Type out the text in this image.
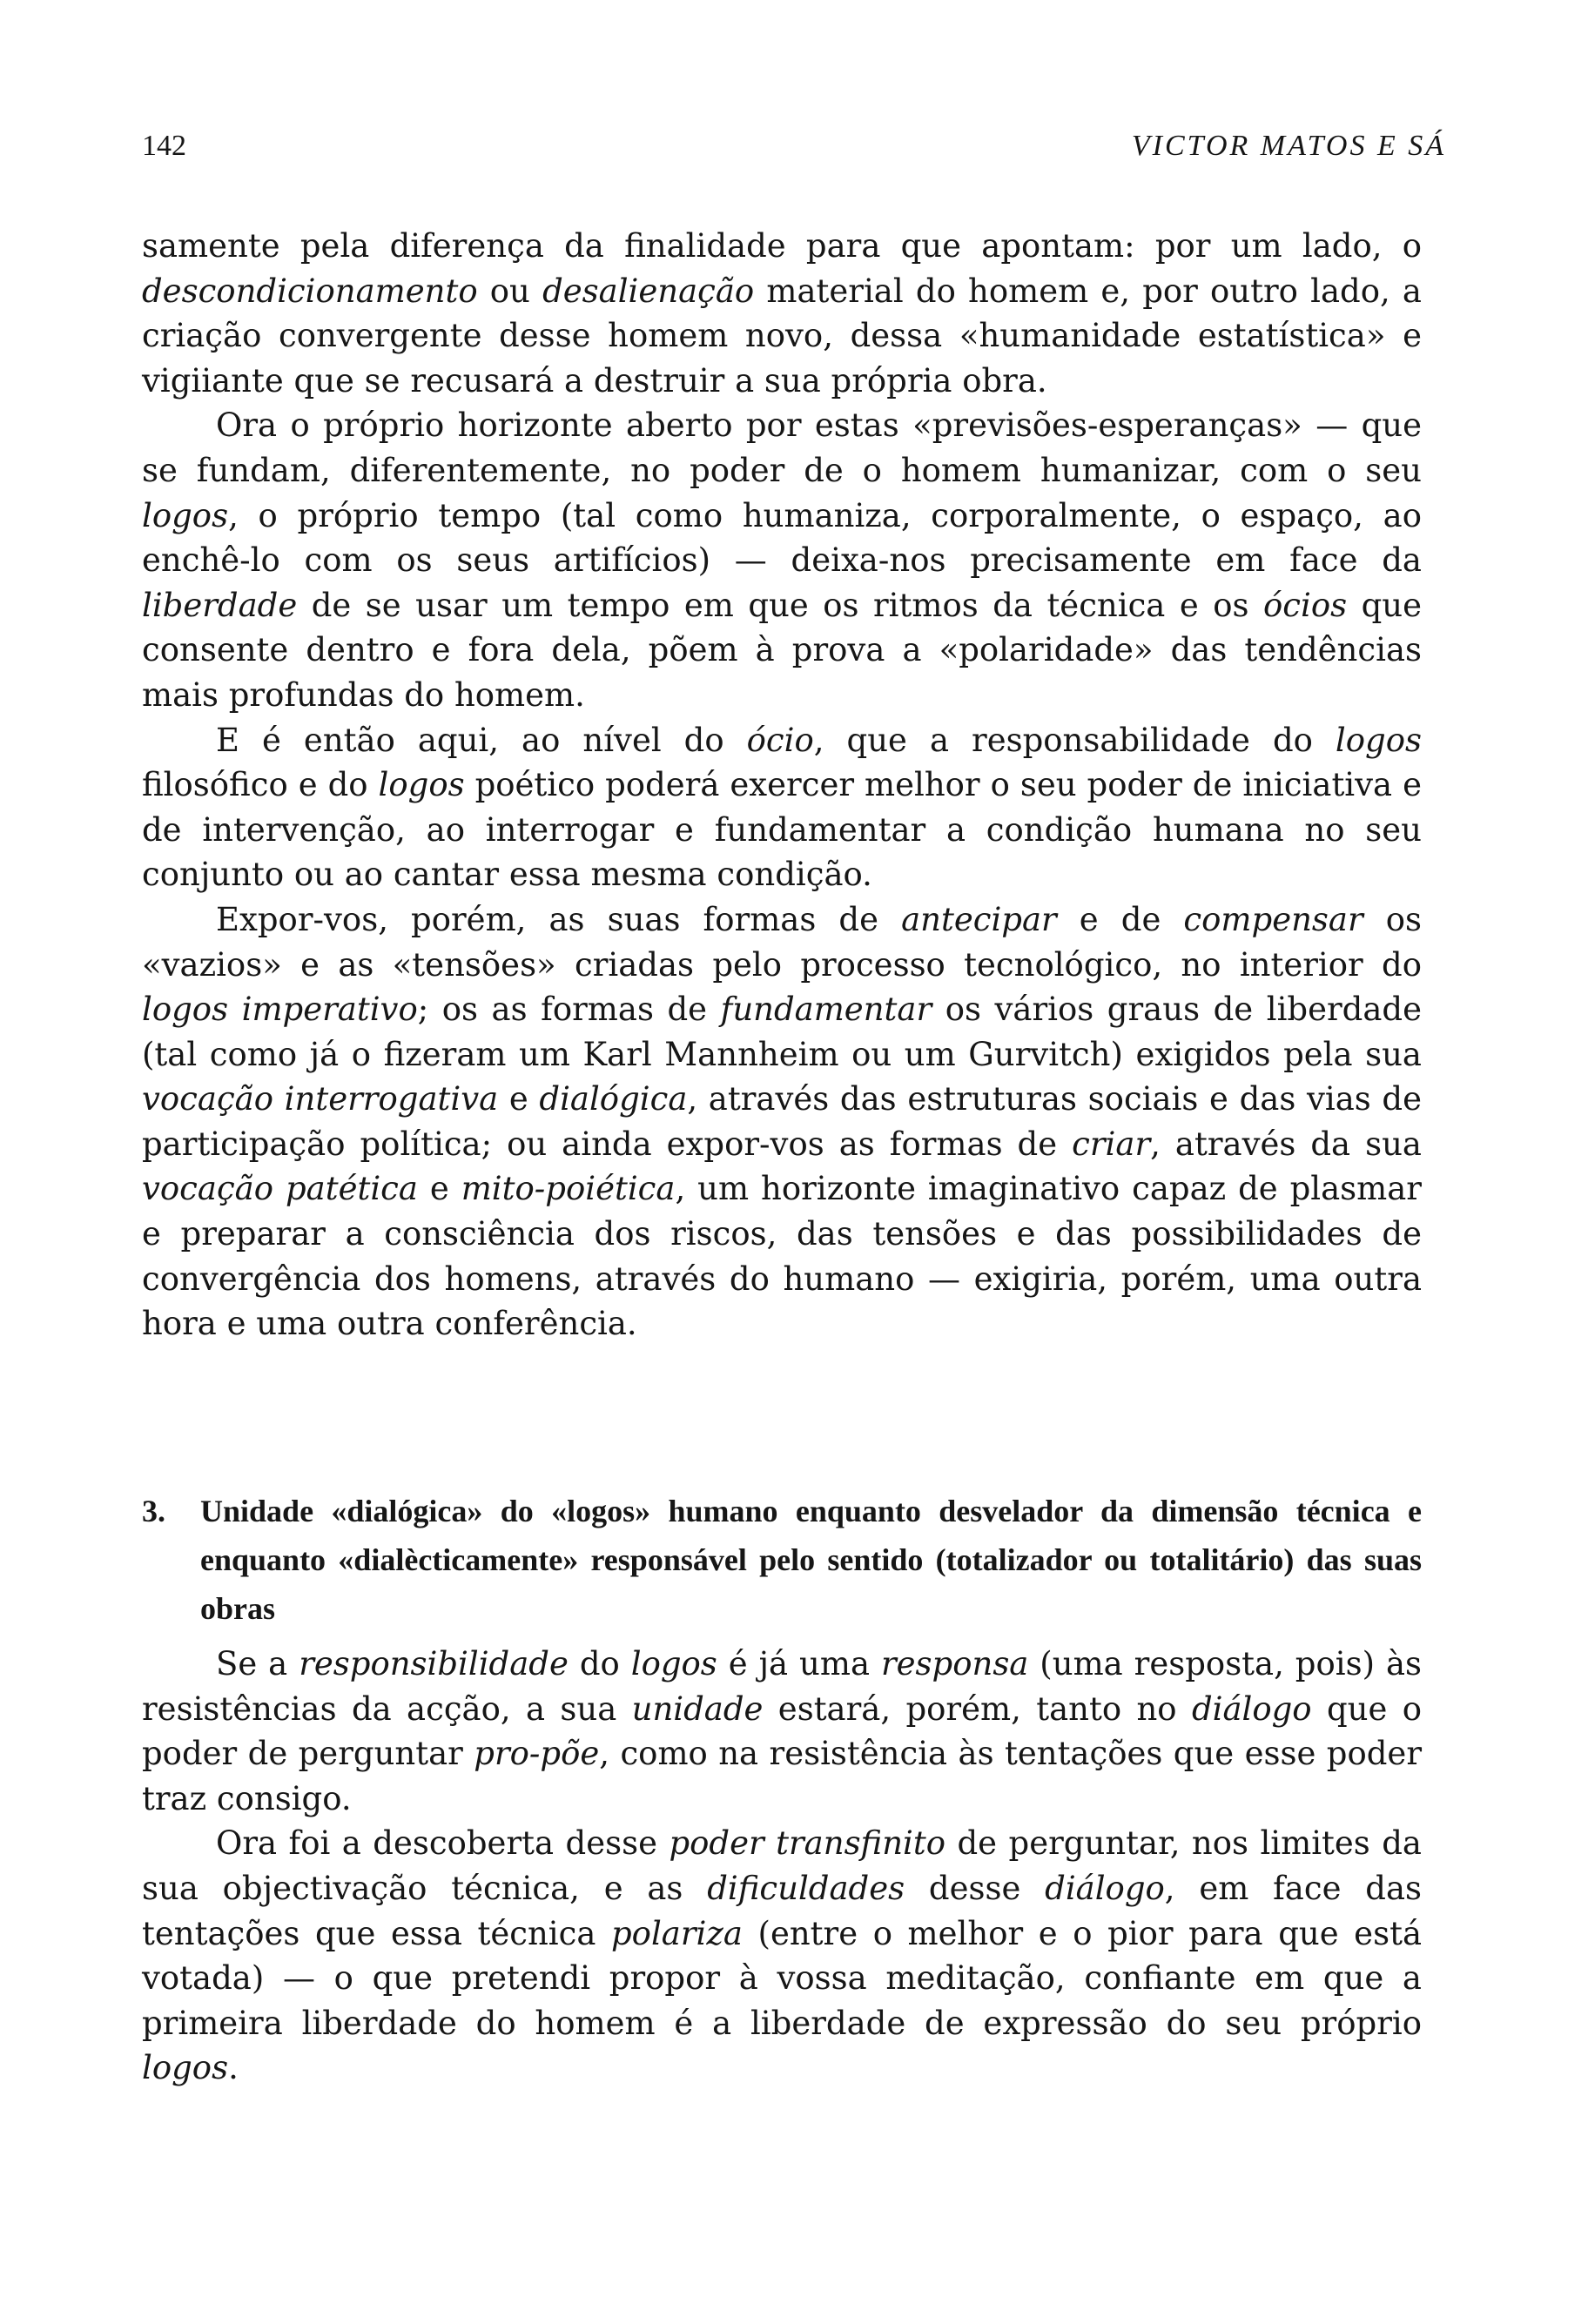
142	VICTOR MATOS E SÁ

samente pela diferença da finalidade para que apontam: por um lado, o descondicionamento ou desalienação material do homem e, por outro lado, a criação convergente desse homem novo, dessa «humanidade estatística» e vigiiante que se recusará a destruir a sua própria obra.

Ora o próprio horizonte aberto por estas «previsões-esperanças» — que se fundam, diferentemente, no poder de o homem humanizar, com o seu logos, o próprio tempo (tal como humaniza, corporalmente, o espaço, ao enchê-lo com os seus artifícios) — deixa-nos precisamente em face da liberdade de se usar um tempo em que os ritmos da técnica e os ócios que consente dentro e fora dela, põem à prova a «polaridade» das tendências mais profundas do homem.

E é então aqui, ao nível do ócio, que a responsabilidade do logos filosófico e do logos poético poderá exercer melhor o seu poder de iniciativa e de intervenção, ao interrogar e fundamentar a condição humana no seu conjunto ou ao cantar essa mesma condição.

Expor-vos, porém, as suas formas de antecipar e de compensar os «vazios» e as «tensões» criadas pelo processo tecnológico, no interior do logos imperativo; os as formas de fundamentar os vários graus de liberdade (tal como já o fizeram um Karl Mannheim ou um Gurvitch) exigidos pela sua vocação interrogativa e dialógica, através das estruturas sociais e das vias de participação política; ou ainda expor-vos as formas de criar, através da sua vocação patética e mito-poiética, um horizonte imaginativo capaz de plasmar e preparar a consciência dos riscos, das tensões e das possibilidades de convergência dos homens, através do humano — exigiria, porém, uma outra hora e uma outra conferência.

3. Unidade «dialógica» do «logos» humano enquanto desvelador da dimensão técnica e enquanto «dialècticamente» responsável pelo sentido (totalizador ou totalitário) das suas obras

Se a responsibilidade do logos é já uma responsa (uma resposta, pois) às resistências da acção, a sua unidade estará, porém, tanto no diálogo que o poder de perguntar pro-põe, como na resistência às tentações que esse poder traz consigo.

Ora foi a descoberta desse poder transfinito de perguntar, nos limites da sua objectivação técnica, e as dificuldades desse diálogo, em face das tentações que essa técnica polariza (entre o melhor e o pior para que está votada) — o que pretendi propor à vossa meditação, confiante em que a primeira liberdade do homem é a liberdade de expressão do seu próprio logos.
